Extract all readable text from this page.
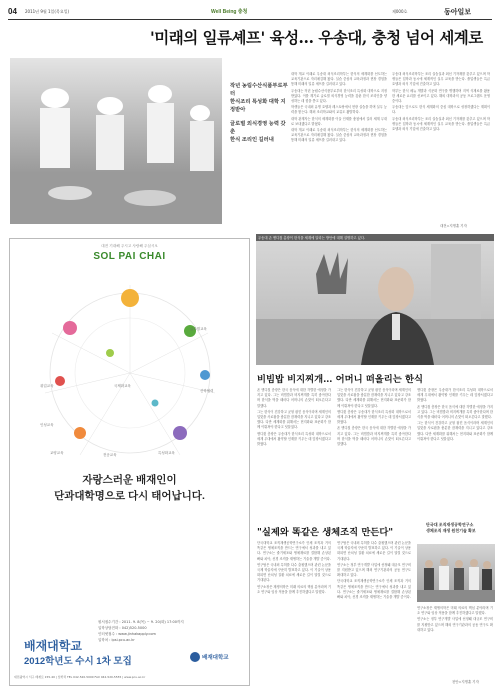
04 2011년 9월 1일(목요일)	Well Being 충청	제000호	동아일보
'미래의 일류셰프' 육성… 우송대, 충청 넘어 세계로
작년 농림수산식품부로부터
한식조리 특성화 대학 지정받아
글로벌 외식경영 능력 갖춘
한식 조리인 길러내

대학 개교 이래로 우송대 외식조리학부는 한식의 세계화를 선도하는 교육기관으로 자리매김해 왔다. 실습 중심의 교육과정과 현장 경험을 통해 미래의 일류 셰프를 길러내고 있다.

우송대는 작년 농림수산식품부로부터 한식조리 특성화 대학으로 지정받았다. 이를 계기로 글로벌 외식경영 능력을 갖춘 한식 조리인을 양성하는 데 힘을 쏟고 있다.

학생들은 국내외 유명 호텔과 레스토랑에서 현장 실습을 하며 실무 능력을 쌓는다. 해외 조리학교와의 교류도 활발하다.

대학 관계자는 한식의 세계화를 이끌 인재를 충청에서 길러 세계 무대로 보내겠다고 밝혔다.

대학 개교 이래로 우송대 외식조리학부는 한식의 세계화를 선도하는 교육기관으로 자리매김해 왔다. 실습 중심의 교육과정과 현장 경험을 통해 미래의 일류 셰프를 길러내고 있다.

우송대 외식조리학부는 조리 실습실과 최신 기자재를 갖추고 있으며 학생들은 입학과 동시에 체계적인 실무 교육을 받는다. 졸업생들은 특급 호텔과 외식 기업에 진출하고 있다.

학부는 한식 메뉴 개발과 식문화 연구를 병행하며 지역 식재료를 활용한 새로운 요리를 선보이고 있다. 해외 대학과의 공동 프로그램도 운영 중이다.

우송대는 앞으로도 한식 세계화의 중심 대학으로 성장하겠다는 계획이다.

우송대 외식조리학부는 조리 실습실과 최신 기자재를 갖추고 있으며 학생들은 입학과 동시에 체계적인 실무 교육을 받는다. 졸업생들은 특급 호텔과 외식 기업에 진출하고 있다.

대전=지명훈 기자
우송대 존 엔디컷 총장이 한식을 세계에 알리는 방안에 대해 설명하고 있다.
비빔밥 비지찌개… 어머니 떠올리는 한식

존 엔디컷 총장은 한국 음식에 대한 각별한 애정을 가지고 있다. 그는 비빔밥과 비지찌개를 특히 좋아한다며 한식을 먹을 때마다 어머니의 손맛이 떠오른다고 말했다.

그는 한식이 건강하고 균형 잡힌 음식이라며 세계인의 입맛을 사로잡을 충분한 잠재력을 지니고 있다고 강조했다. 다만 세계화를 위해서는 현지화와 표준화가 함께 이뤄져야 한다고 덧붙였다.

엔디컷 총장은 우송대가 한식조리 특성화 대학으로서 세계 무대에서 활약할 인재를 키우는 데 앞장서겠다고 밝혔다.

그는 한식이 건강하고 균형 잡힌 음식이라며 세계인의 입맛을 사로잡을 충분한 잠재력을 지니고 있다고 강조했다. 다만 세계화를 위해서는 현지화와 표준화가 함께 이뤄져야 한다고 덧붙였다.

엔디컷 총장은 우송대가 한식조리 특성화 대학으로서 세계 무대에서 활약할 인재를 키우는 데 앞장서겠다고 밝혔다.

존 엔디컷 총장은 한국 음식에 대한 각별한 애정을 가지고 있다. 그는 비빔밥과 비지찌개를 특히 좋아한다며 한식을 먹을 때마다 어머니의 손맛이 떠오른다고 말했다.

엔디컷 총장은 우송대가 한식조리 특성화 대학으로서 세계 무대에서 활약할 인재를 키우는 데 앞장서겠다고 밝혔다.

존 엔디컷 총장은 한국 음식에 대한 각별한 애정을 가지고 있다. 그는 비빔밥과 비지찌개를 특히 좋아한다며 한식을 먹을 때마다 어머니의 손맛이 떠오른다고 말했다.

그는 한식이 건강하고 균형 잡힌 음식이라며 세계인의 입맛을 사로잡을 충분한 잠재력을 지니고 있다고 강조했다. 다만 세계화를 위해서는 현지화와 표준화가 함께 이뤄져야 한다고 덧붙였다.

대전 기대해 주시고 사랑해 주십시오
SOL PAI CHAI
취업교육	국제화교육
인성교육
교양교육	전공교육	특성화교육
산학협력
글로벌교육
자랑스러운 배재인이
단과대학명으로 다시 태어납니다.
원서접수기간 : 2011. 9. 8(목) ~ 9. 20(화) 17:00까지
입학상담전화 : 042)520-5000
인터넷접수 : www.jinhakapply.com
입학처 : ipsi.pcu.ac.kr
배재대학교
2012학년도 수시 1차 모집	배재대학교
대전광역시 서구 배재로 155-40 | 입학처 TEL 042-520-5000 FAX 042-520-5555 | www.pcu.ac.kr
"실제와 똑같은 생체조직 만든다"
단국대 조직재생공학연구소
생체조직 재생 원천기술 확보

단국대학교 조직재생공학연구소가 인체 조직과 거의 똑같은 생체조직을 만드는 연구에서 성과를 내고 있다. 연구소는 줄기세포와 생체재료를 결합해 손상된 뼈와 치아, 신경 조직을 재생하는 기술을 개발 중이다.

연구팀은 국내외 특허를 다수 출원했으며 관련 논문을 국제 학술지에 꾸준히 발표하고 있다. 이 기술이 상용화되면 난치성 질환 치료에 새로운 길이 열릴 것으로 기대된다.

연구소장은 재생의학은 미래 의료의 핵심 분야라며 기초 연구와 임상 적용을 함께 추진하겠다고 말했다.

연구팀은 국내외 특허를 다수 출원했으며 관련 논문을 국제 학술지에 꾸준히 발표하고 있다. 이 기술이 상용화되면 난치성 질환 치료에 새로운 길이 열릴 것으로 기대된다.

연구소는 정부 연구개발 사업에 선정돼 대규모 연구비를 지원받고 있으며 해외 연구기관과의 공동 연구도 확대하고 있다.

단국대학교 조직재생공학연구소가 인체 조직과 거의 똑같은 생체조직을 만드는 연구에서 성과를 내고 있다. 연구소는 줄기세포와 생체재료를 결합해 손상된 뼈와 치아, 신경 조직을 재생하는 기술을 개발 중이다.

연구소장은 재생의학은 미래 의료의 핵심 분야라며 기초 연구와 임상 적용을 함께 추진하겠다고 말했다.

연구소는 정부 연구개발 사업에 선정돼 대규모 연구비를 지원받고 있으며 해외 연구기관과의 공동 연구도 확대하고 있다.

천안=지명훈 기자
